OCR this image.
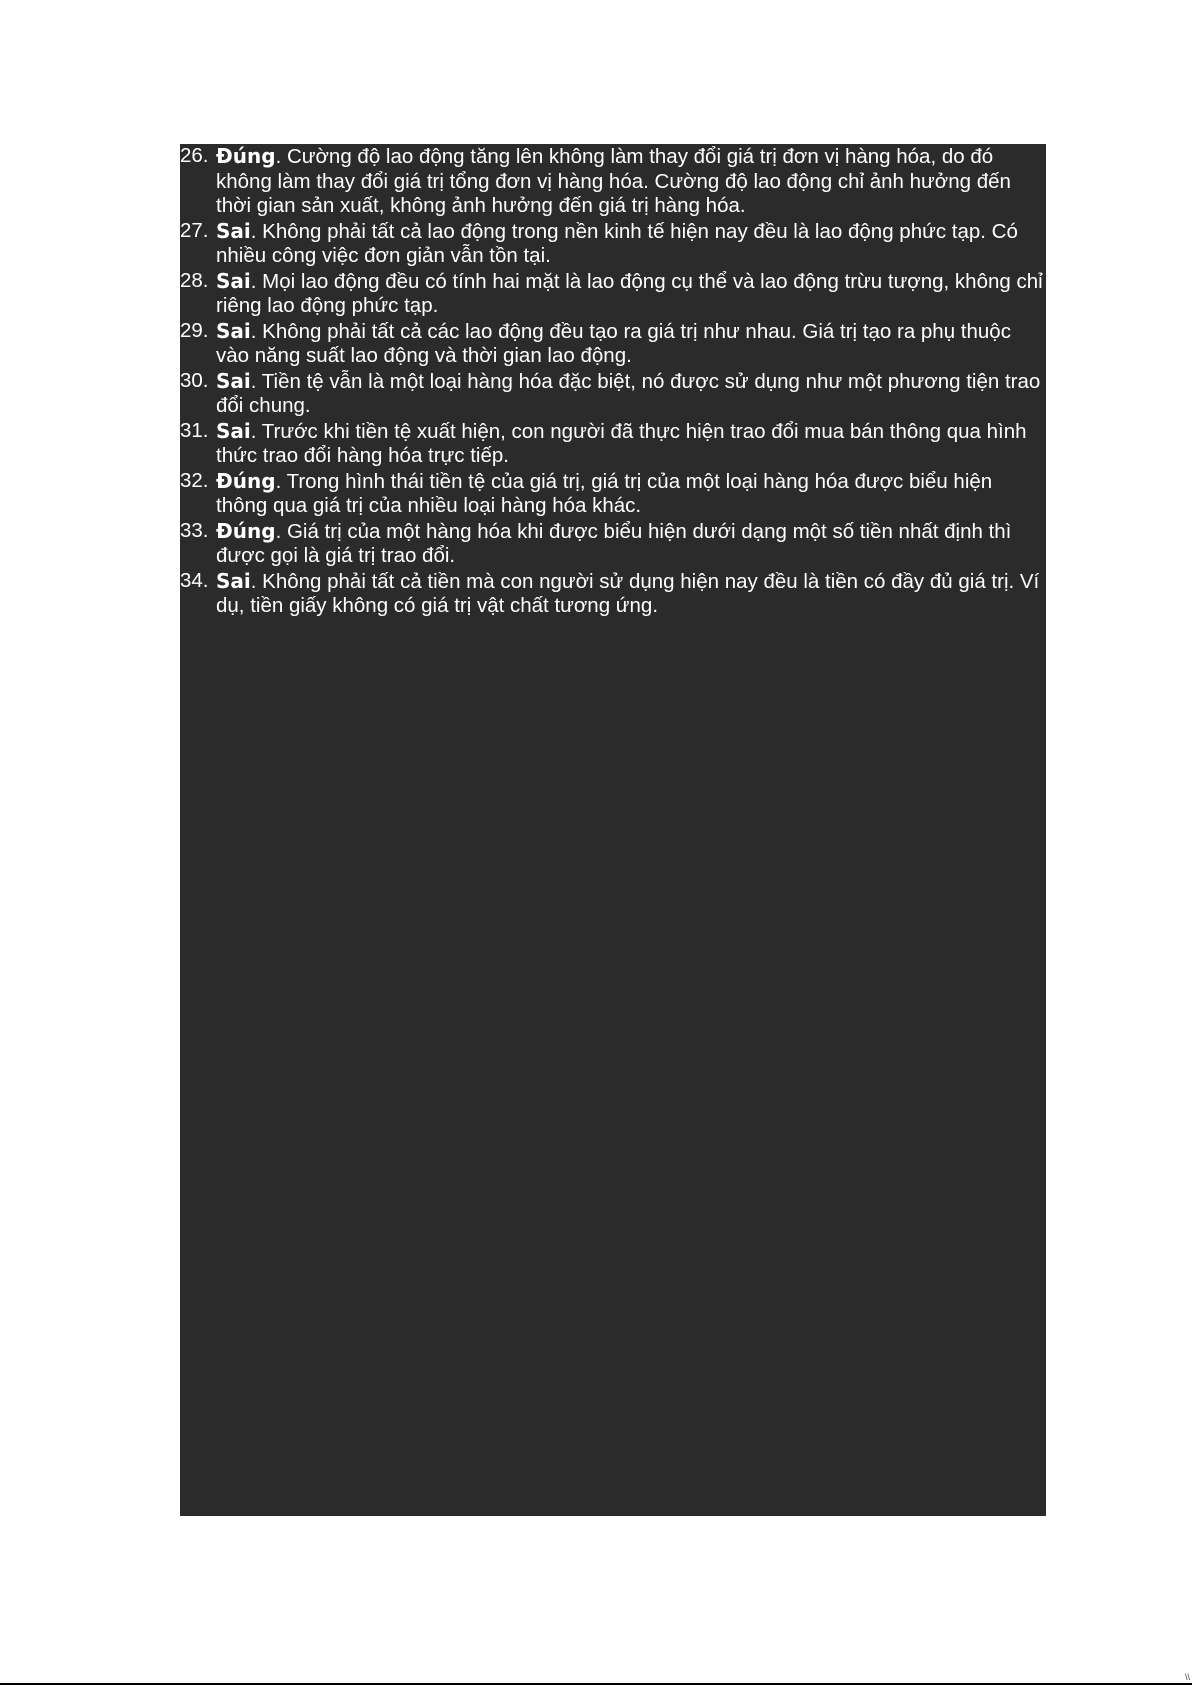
26. Đúng. Cường độ lao động tăng lên không làm thay đổi giá trị đơn vị hàng hóa, do đó không làm thay đổi giá trị tổng đơn vị hàng hóa. Cường độ lao động chỉ ảnh hưởng đến thời gian sản xuất, không ảnh hưởng đến giá trị hàng hóa.
27. Sai. Không phải tất cả lao động trong nền kinh tế hiện nay đều là lao động phức tạp. Có nhiều công việc đơn giản vẫn tồn tại.
28. Sai. Mọi lao động đều có tính hai mặt là lao động cụ thể và lao động trừu tượng, không chỉ riêng lao động phức tạp.
29. Sai. Không phải tất cả các lao động đều tạo ra giá trị như nhau. Giá trị tạo ra phụ thuộc vào năng suất lao động và thời gian lao động.
30. Sai. Tiền tệ vẫn là một loại hàng hóa đặc biệt, nó được sử dụng như một phương tiện trao đổi chung.
31. Sai. Trước khi tiền tệ xuất hiện, con người đã thực hiện trao đổi mua bán thông qua hình thức trao đổi hàng hóa trực tiếp.
32. Đúng. Trong hình thái tiền tệ của giá trị, giá trị của một loại hàng hóa được biểu hiện thông qua giá trị của nhiều loại hàng hóa khác.
33. Đúng. Giá trị của một hàng hóa khi được biểu hiện dưới dạng một số tiền nhất định thì được gọi là giá trị trao đổi.
34. Sai. Không phải tất cả tiền mà con người sử dụng hiện nay đều là tiền có đầy đủ giá trị. Ví dụ, tiền giấy không có giá trị vật chất tương ứng.
\\
